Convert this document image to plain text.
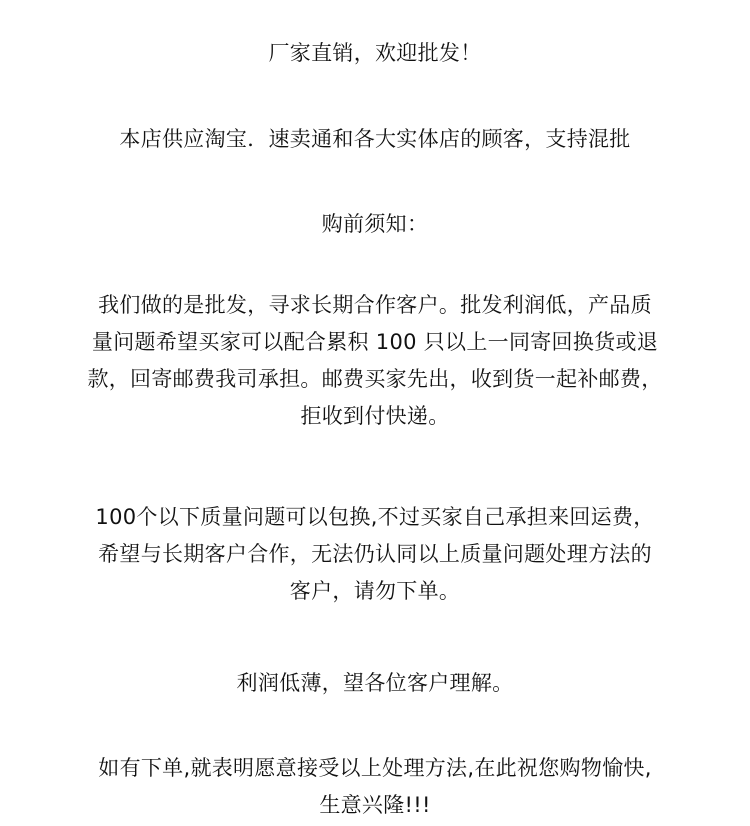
厂家直销，欢迎批发！
本店供应淘宝．速卖通和各大实体店的顾客，支持混批
购前须知：
我们做的是批发，寻求长期合作客户。批发利润低，产品质
量问题希望买家可以配合累积 100 只以上一同寄回换货或退
款，回寄邮费我司承担。邮费买家先出，收到货一起补邮费，
拒收到付快递。
100个以下质量问题可以包换,不过买家自己承担来回运费，
希望与长期客户合作，无法仍认同以上质量问题处理方法的
客户，请勿下单。
利润低薄，望各位客户理解。
如有下单,就表明愿意接受以上处理方法,在此祝您购物愉快,
生意兴隆!!!
